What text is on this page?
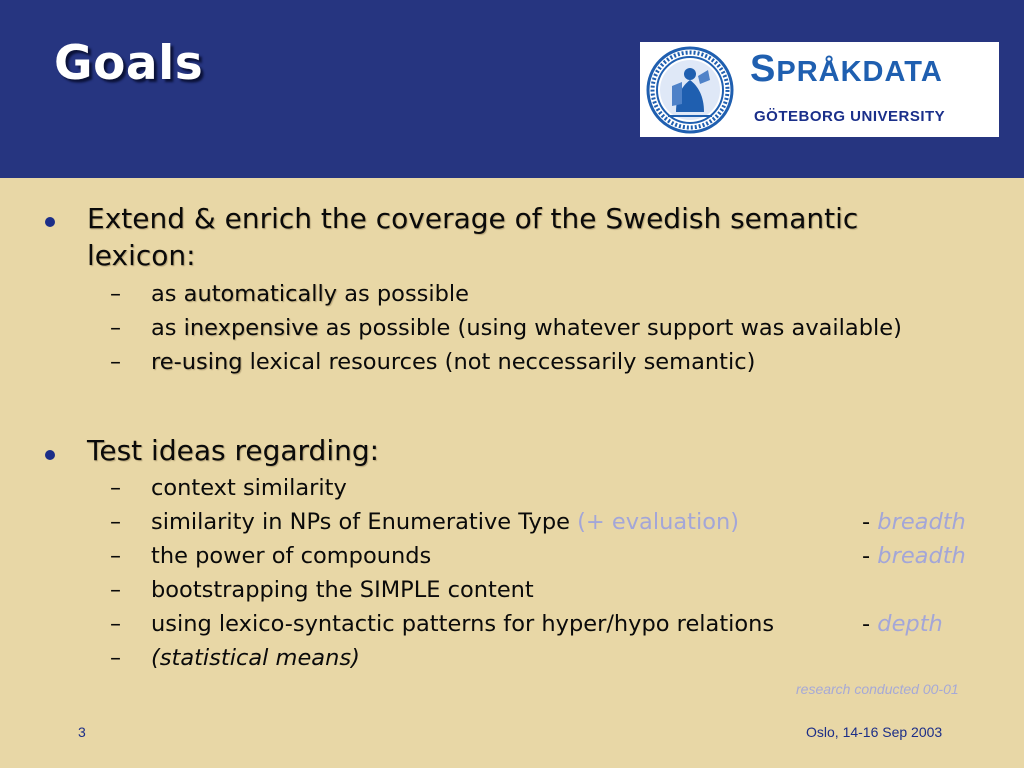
Goals	SPRÅKDATA
GÖTEBORG UNIVERSITY
Extend & enrich the coverage of the Swedish semantic
lexicon:
– as automatically as possible
– as inexpensive as possible (using whatever support was available)
– re-using lexical resources (not neccessarily semantic)
Test ideas regarding:
– context similarity
– similarity in NPs of Enumerative Type (+ evaluation)	- breadth
– the power of compounds	- breadth
– bootstrapping the SIMPLE content
– using lexico-syntactic patterns for hyper/hypo relations	- depth
– (statistical means)
research conducted 00-01
3	Oslo, 14-16 Sep 2003
